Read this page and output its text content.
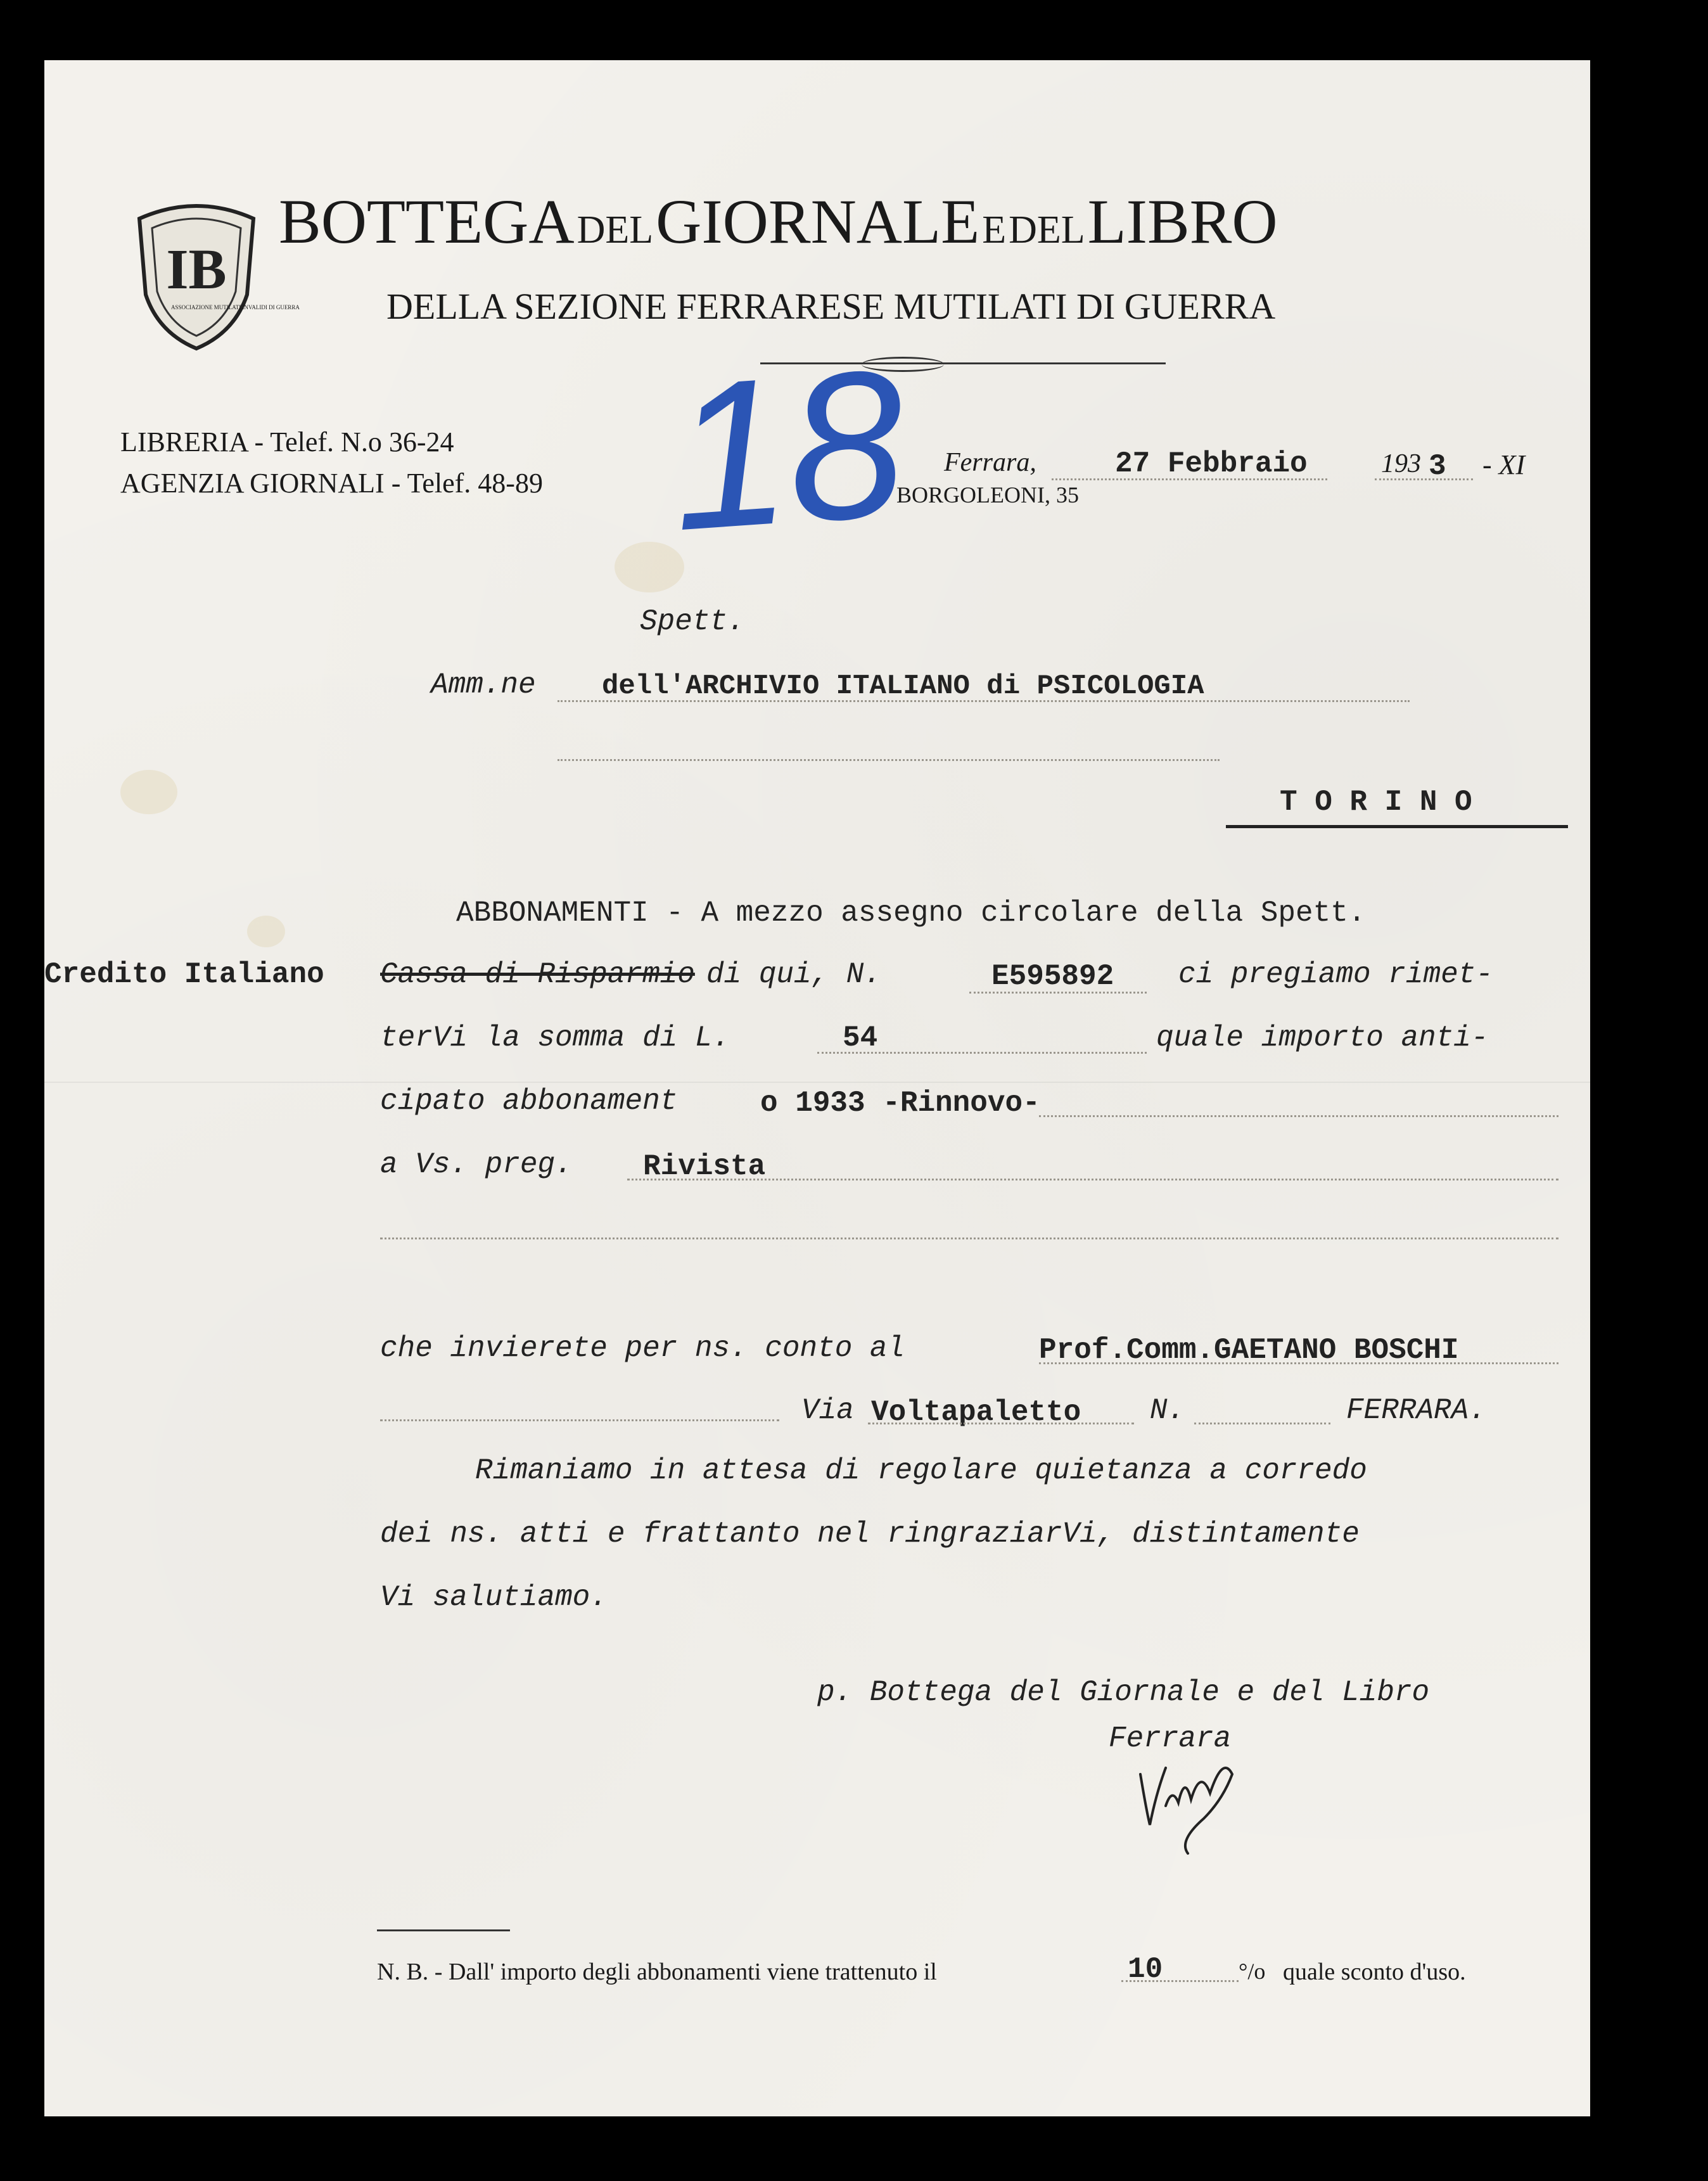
IB
ASSOCIAZIONE MUTILATI INVALIDI DI GUERRA
BOTTEGA DEL GIORNALE E DEL LIBRO
DELLA SEZIONE FERRARESE MUTILATI DI GUERRA
LIBRERIA - Telef. N.o 36-24
AGENZIA GIORNALI - Telef. 48-89 18 Ferrara,
BORGOLEONI, 35
27 Febbraio	193 3 - XI
Spett.
Amm.ne dell'ARCHIVIO ITALIANO di PSICOLOGIA
T O R I N O
ABBONAMENTI - A mezzo assegno circolare della Spett.
Credito Italiano Cassa di Risparmio di qui, N.	E595892 ci pregiamo rimet-
terVi la somma di L.	54	quale importo anti-
cipato abbonament	o 1933 -Rinnovo-
a Vs. preg. Rivista
che invierete per ns. conto al	Prof.Comm.GAETANO BOSCHI
Via Voltapaletto N.	FERRARA.
Rimaniamo in attesa di regolare quietanza a corredo
dei ns. atti e frattanto nel ringraziarVi, distintamente
Vi salutiamo.
p. Bottega del Giornale e del Libro
Ferrara
N. B. - Dall' importo degli abbonamenti viene trattenuto il	10	°/o quale sconto d'uso.
